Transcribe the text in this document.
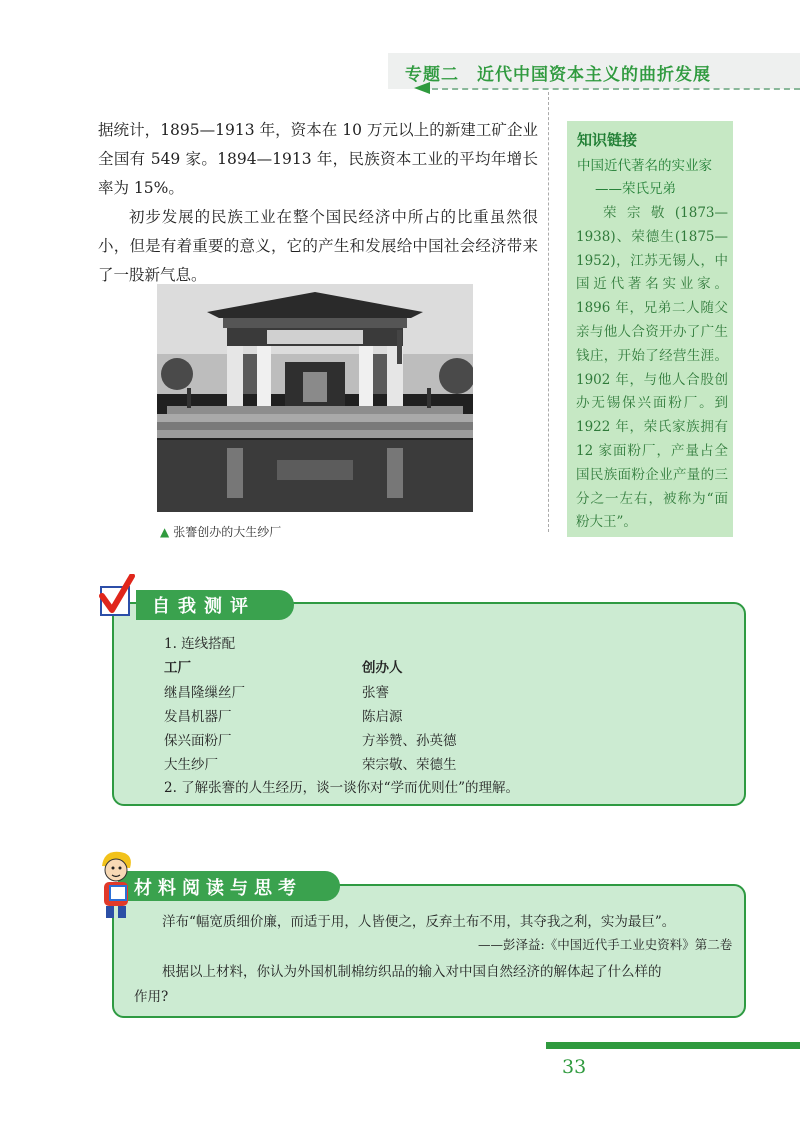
专题二　近代中国资本主义的曲折发展

据统计，1895—1913 年，资本在 10 万元以上的新建工矿企业全国有 549 家。1894—1913 年，民族资本工业的平均年增长率为 15%。

初步发展的民族工业在整个国民经济中所占的比重虽然很小，但是有着重要的意义，它的产生和发展给中国社会经济带来了一股新气息。

▲ 张謇创办的大生纱厂
知识链接
中国近代著名的实业家
——荣氏兄弟
荣宗敬(1873—1938)、荣德生(1875—1952)，江苏无锡人，中国近代著名实业家。1896 年，兄弟二人随父亲与他人合资开办了广生钱庄，开始了经营生涯。1902 年，与他人合股创办无锡保兴面粉厂。到 1922 年，荣氏家族拥有 12 家面粉厂，产量占全国民族面粉企业产量的三分之一左右，被称为“面粉大王”。
自我测评
1. 连线搭配
工厂	创办人
继昌隆缫丝厂
发昌机器厂
保兴面粉厂
大生纱厂
张謇
陈启源
方举赞、孙英德
荣宗敬、荣德生
2. 了解张謇的人生经历，谈一谈你对“学而优则仕”的理解。
材料阅读与思考
洋布“幅宽质细价廉，而适于用，人皆便之，反弃土布不用，其夺我之利，实为最巨”。
——彭泽益:《中国近代手工业史资料》第二卷
根据以上材料，你认为外国机制棉纺织品的输入对中国自然经济的解体起了什么样的
作用?
33
